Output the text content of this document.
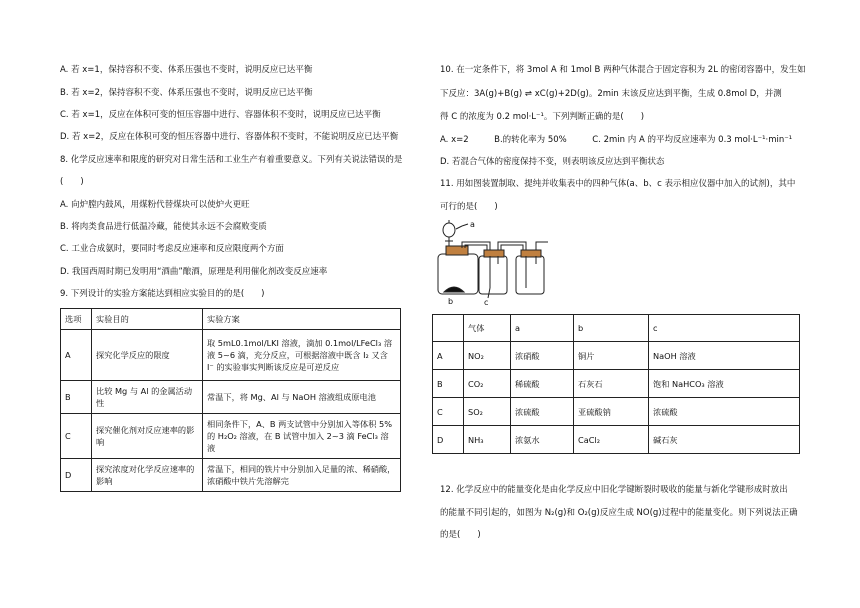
A. 若 x=1，保持容积不变、体系压强也不变时，说明反应已达平衡
B. 若 x=2，保持容积不变、体系压强也不变时，说明反应已达平衡
C. 若 x=1，反应在体积可变的恒压容器中进行、容器体积不变时，说明反应已达平衡
D. 若 x=2，反应在体积可变的恒压容器中进行、容器体积不变时，不能说明反应已达平衡
8. 化学反应速率和限度的研究对日常生活和工业生产有着重要意义。下列有关说法错误的是
(　　)
A. 向炉膛内鼓风，用煤粉代替煤块可以使炉火更旺
B. 将肉类食品进行低温冷藏，能使其永远不会腐败变质
C. 工业合成氨时，要同时考虑反应速率和反应限度两个方面
D. 我国西周时期已发明用“酒曲”酿酒，原理是利用催化剂改变反应速率
9. 下列设计的实验方案能达到相应实验目的的是(　　)
选项	实验目的	实验方案
A	探究化学反应的限度	取 5mL0.1mol/LKI 溶液，滴加 0.1mol/LFeCl₃ 溶液 5~6 滴，充分反应，可根据溶液中既含 I₂ 又含 I⁻ 的实验事实判断该反应是可逆反应
B	比较 Mg 与 Al 的金属活动性	常温下，将 Mg、Al 与 NaOH 溶液组成原电池
C	探究催化剂对反应速率的影响	相同条件下，A、B 两支试管中分别加入等体积 5% 的 H₂O₂ 溶液，在 B 试管中加入 2~3 滴 FeCl₃ 溶液
D	探究浓度对化学反应速率的影响	常温下，相同的铁片中分别加入足量的浓、稀硝酸，浓硝酸中铁片先溶解完
10. 在一定条件下，将 3mol A 和 1mol B 两种气体混合于固定容积为 2L 的密闭容器中，发生如
下反应：3A(g)+B(g) ⇌ xC(g)+2D(g)。2min 末该反应达到平衡，生成 0.8mol D，并测
得 C 的浓度为 0.2 mol·L⁻¹。下列判断正确的是(　　)
A. x=2　　　B.的转化率为 50%　　　C. 2min 内 A 的平均反应速率为 0.3 mol·L⁻¹·min⁻¹
D. 若混合气体的密度保持不变，则表明该反应达到平衡状态
11. 用如图装置制取、提纯并收集表中的四种气体(a、b、c 表示相应仪器中加入的试剂)，其中
可行的是(　　)
a
b	c
	气体	a	b	c
A	NO₂	浓硝酸	铜片	NaOH 溶液
B	CO₂	稀硫酸	石灰石	饱和 NaHCO₃ 溶液
C	SO₂	浓硫酸	亚硫酸钠	浓硫酸
D	NH₃	浓氨水	CaCl₂	碱石灰
12. 化学反应中的能量变化是由化学反应中旧化学键断裂时吸收的能量与新化学键形成时放出
的能量不同引起的，如图为 N₂(g)和 O₂(g)反应生成 NO(g)过程中的能量变化。则下列说法正确
的是(　　)
